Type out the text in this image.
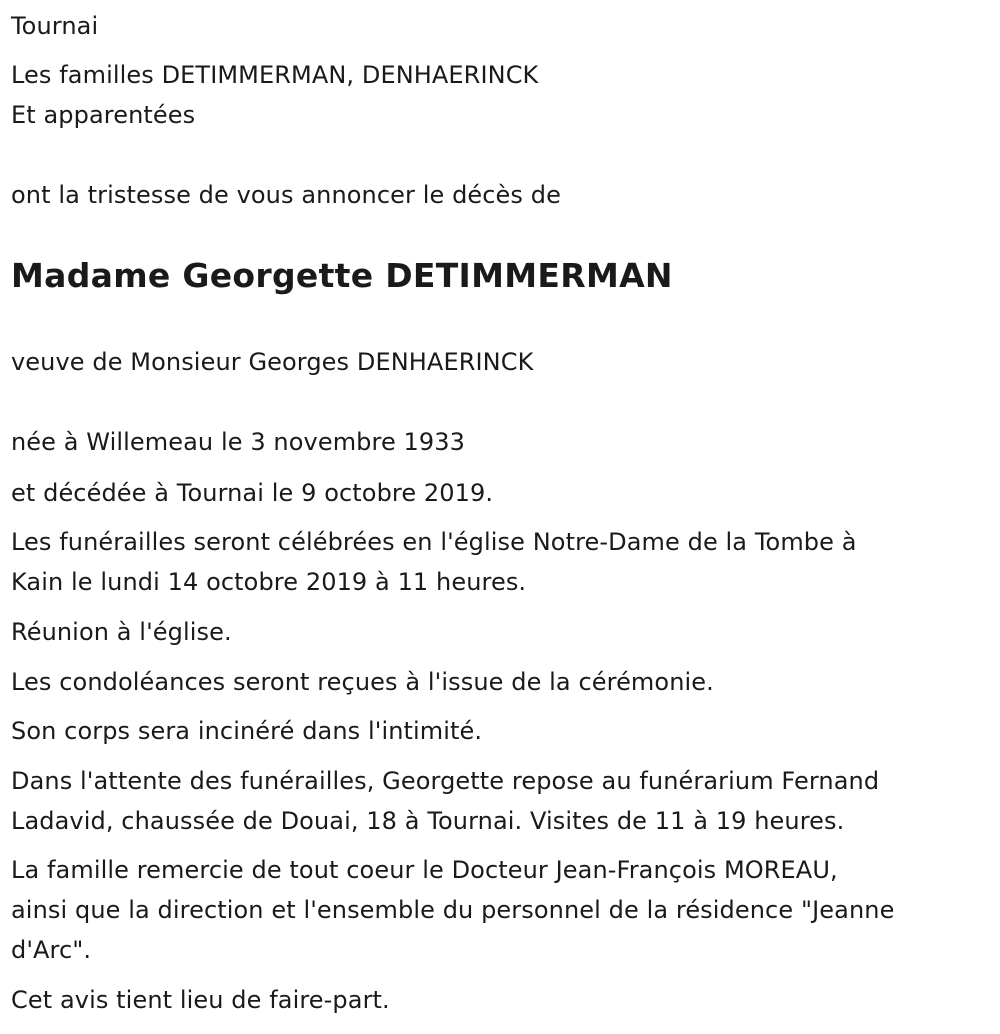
Tournai
Les familles DETIMMERMAN, DENHAERINCK
Et apparentées
ont la tristesse de vous annoncer le décès de
Madame Georgette DETIMMERMAN
veuve de Monsieur Georges DENHAERINCK
née à Willemeau le 3 novembre 1933
et décédée à Tournai le 9 octobre 2019.
Les funérailles seront célébrées en l'église Notre-Dame de la Tombe à
Kain le lundi 14 octobre 2019 à 11 heures.
Réunion à l'église.
Les condoléances seront reçues à l'issue de la cérémonie.
Son corps sera incinéré dans l'intimité.
Dans l'attente des funérailles, Georgette repose au funérarium Fernand
Ladavid, chaussée de Douai, 18 à Tournai. Visites de 11 à 19 heures.
La famille remercie de tout coeur le Docteur Jean-François MOREAU,
ainsi que la direction et l'ensemble du personnel de la résidence "Jeanne
d'Arc".
Cet avis tient lieu de faire-part.
